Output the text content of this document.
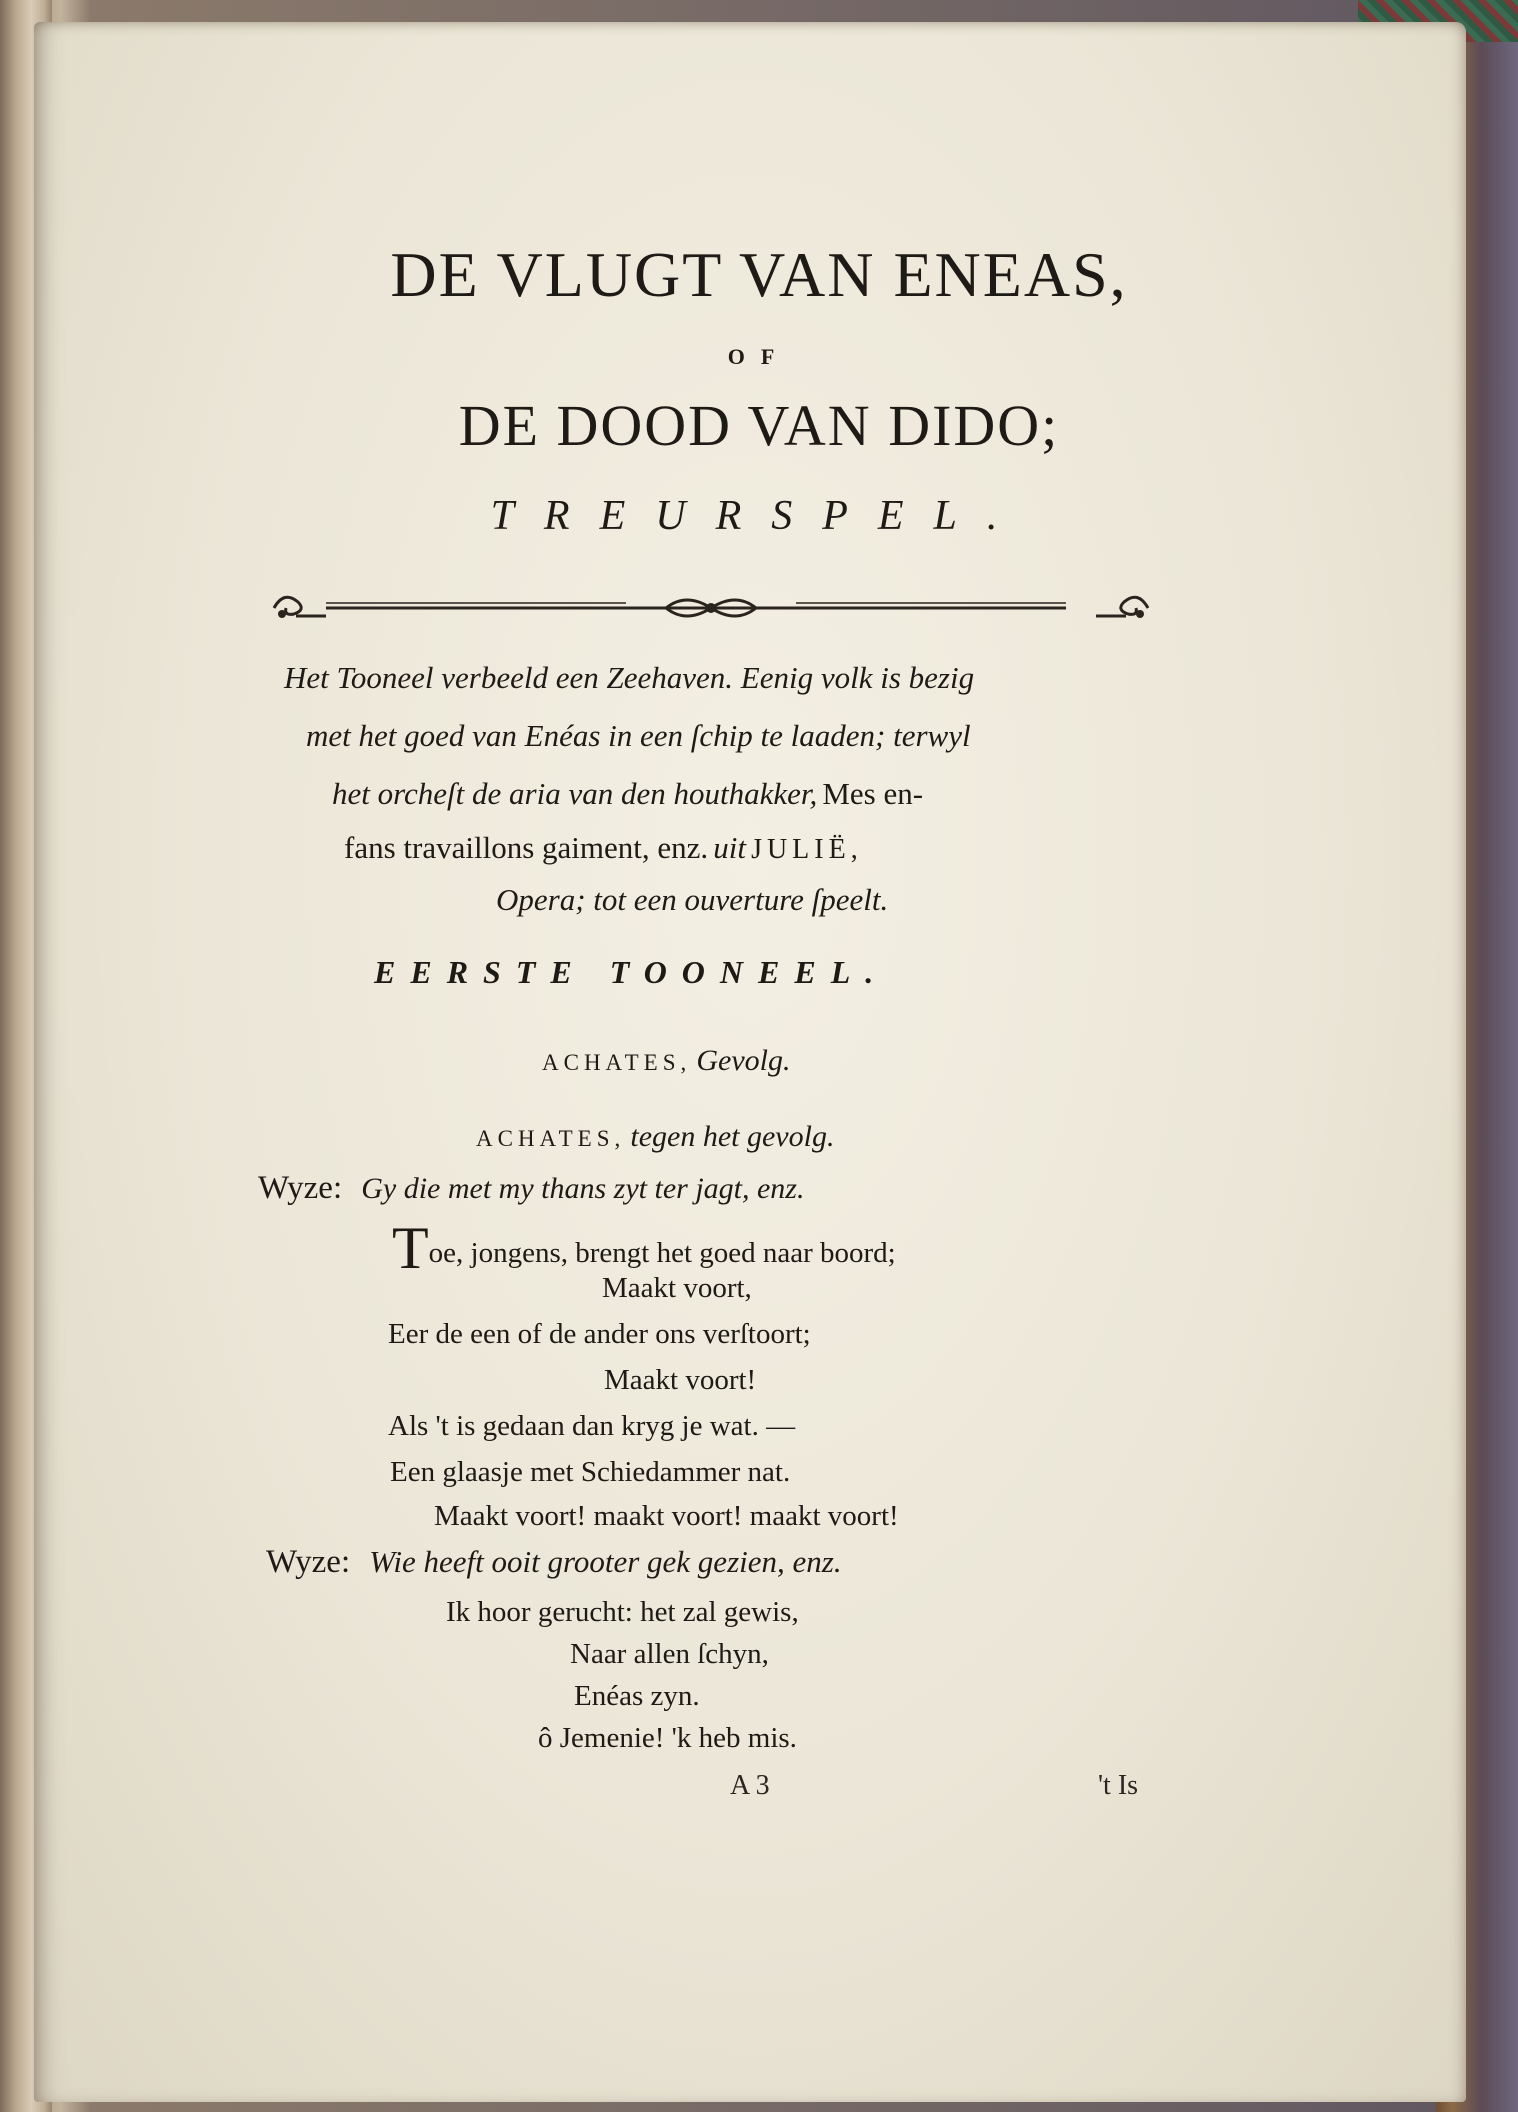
DE VLUGT VAN ENEAS,
OF
DE DOOD VAN DIDO;
TREURSPEL.
Het Tooneel verbeeld een Zeehaven. Eenig volk is bezig
met het goed van Enéas in een ſchip te laaden; terwyl
het orcheſt de aria van den houthakker, Mes en-
fans travaillons gaiment, enz. uit JULIË,
Opera; tot een ouverture ſpeelt.
EERSTE TOONEEL.
ACHATES, Gevolg.
ACHATES, tegen het gevolg.
Wyze: Gy die met my thans zyt ter jagt, enz.
Toe, jongens, brengt het goed naar boord;
Maakt voort,
Eer de een of de ander ons verſtoort;
Maakt voort!
Als 't is gedaan dan kryg je wat. —
Een glaasje met Schiedammer nat.
Maakt voort! maakt voort! maakt voort!
Wyze: Wie heeft ooit grooter gek gezien, enz.
Ik hoor gerucht: het zal gewis,
Naar allen ſchyn,
Enéas zyn.
ô Jemenie! 'k heb mis.
A 3	't Is
